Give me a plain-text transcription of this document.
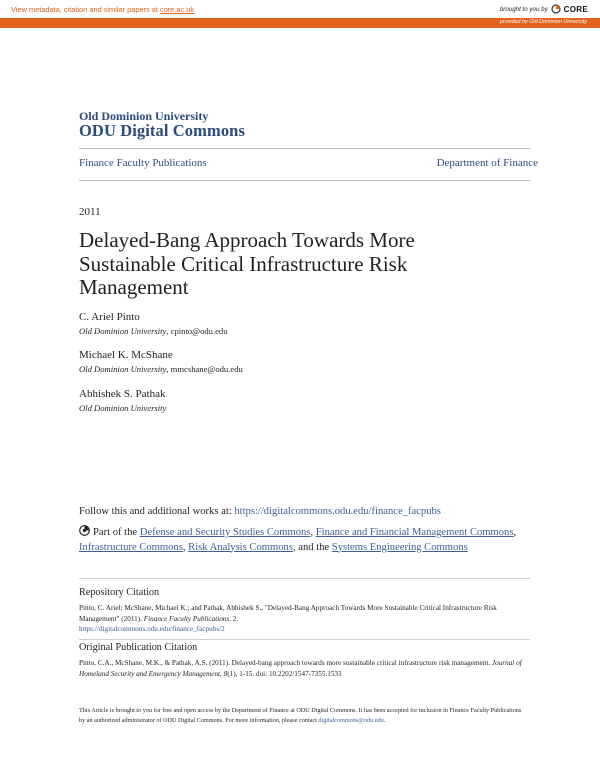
View metadata, citation and similar papers at core.ac.uk	brought to you by CORE
provided by Old Dominion University
Old Dominion University
ODU Digital Commons
Finance Faculty Publications	Department of Finance
2011
Delayed-Bang Approach Towards More Sustainable Critical Infrastructure Risk Management
C. Ariel Pinto
Old Dominion University, cpinto@odu.edu
Michael K. McShane
Old Dominion University, mmcshane@odu.edu
Abhishek S. Pathak
Old Dominion University
Follow this and additional works at: https://digitalcommons.odu.edu/finance_facpubs
Part of the Defense and Security Studies Commons, Finance and Financial Management Commons, Infrastructure Commons, Risk Analysis Commons, and the Systems Engineering Commons
Repository Citation
Pinto, C. Ariel; McShane, Michael K.; and Pathak, Abhishek S., "Delayed-Bang Approach Towards More Sustainable Critical Infrastructure Risk Management" (2011). Finance Faculty Publications. 2.
https://digitalcommons.odu.edu/finance_facpubs/2
Original Publication Citation
Pinto, C.A., McShane, M.K., & Pathak, A.S. (2011). Delayed-bang approach towards more sustainable critical infrastructure risk management. Journal of Homeland Security and Emergency Management, 8(1), 1-15. doi: 10.2202/1547-7355.1533
This Article is brought to you for free and open access by the Department of Finance at ODU Digital Commons. It has been accepted for inclusion in Finance Faculty Publications by an authorized administrator of ODU Digital Commons. For more information, please contact digitalcommons@odu.edu.
